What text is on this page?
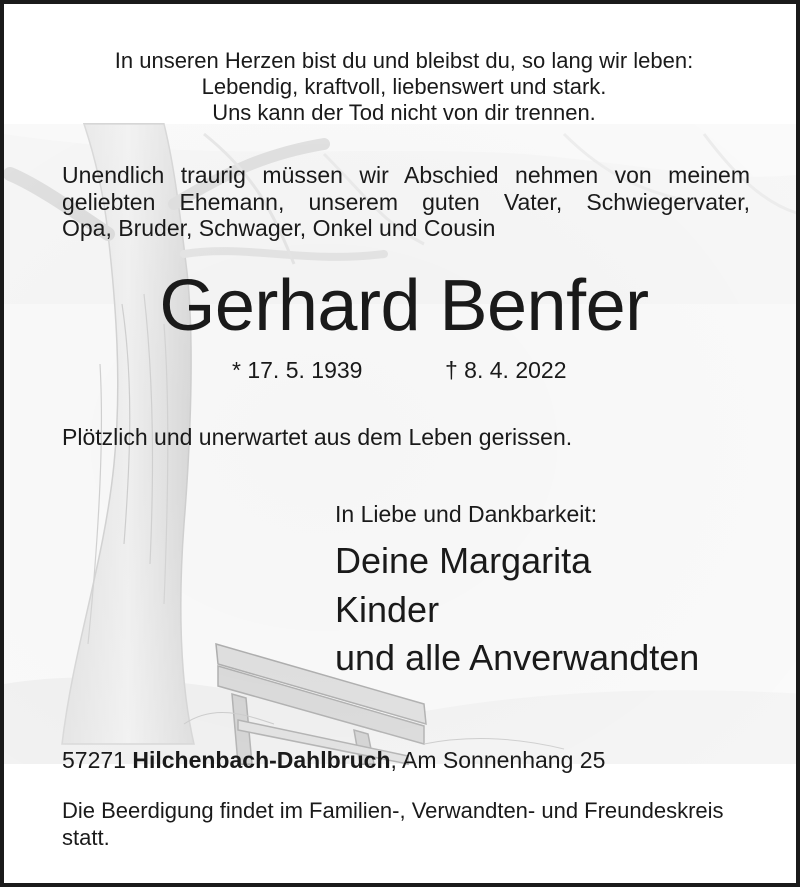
In unseren Herzen bist du und bleibst du, so lang wir leben:
Lebendig, kraftvoll, liebenswert und stark.
Uns kann der Tod nicht von dir trennen.
Unendlich traurig müssen wir Abschied nehmen von meinem
geliebten Ehemann, unserem guten Vater, Schwiegervater,
Opa, Bruder, Schwager, Onkel und Cousin
Gerhard Benfer
* 17. 5. 1939	† 8. 4. 2022
Plötzlich und unerwartet aus dem Leben gerissen.
In Liebe und Dankbarkeit:
Deine Margarita
Kinder
und alle Anverwandten
57271 Hilchenbach-Dahlbruch, Am Sonnenhang 25
Die Beerdigung findet im Familien-, Verwandten- und Freundeskreis statt.
